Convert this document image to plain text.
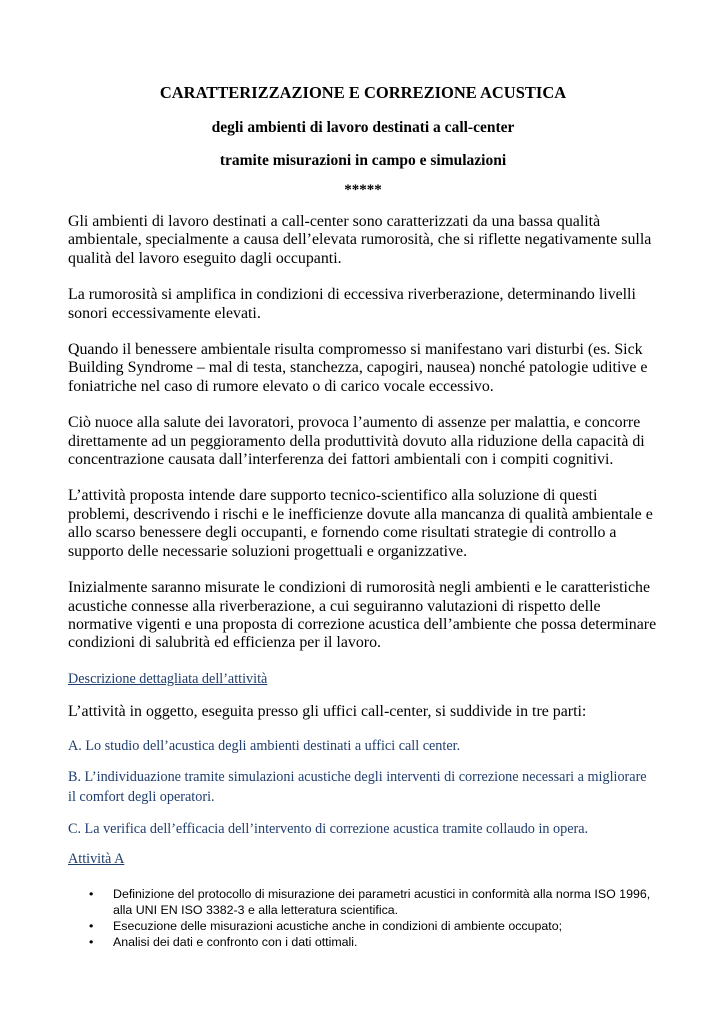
CARATTERIZZAZIONE E CORREZIONE ACUSTICA
degli ambienti di lavoro destinati a call-center
tramite misurazioni in campo e simulazioni
*****

Gli ambienti di lavoro destinati a call-center sono caratterizzati da una bassa qualità ambientale, specialmente a causa dell’elevata rumorosità, che si riflette negativamente sulla qualità del lavoro eseguito dagli occupanti.

La rumorosità si amplifica in condizioni di eccessiva riverberazione, determinando livelli sonori eccessivamente elevati.

Quando il benessere ambientale risulta compromesso si manifestano vari disturbi (es. Sick Building Syndrome – mal di testa, stanchezza, capogiri, nausea) nonché patologie uditive e foniatriche nel caso di rumore elevato o di carico vocale eccessivo.

Ciò nuoce alla salute dei lavoratori, provoca l’aumento di assenze per malattia, e concorre direttamente ad un peggioramento della produttività dovuto alla riduzione della capacità di concentrazione causata dall’interferenza dei fattori ambientali con i compiti cognitivi.

L’attività proposta intende dare supporto tecnico-scientifico alla soluzione di questi problemi, descrivendo i rischi e le inefficienze dovute alla mancanza di qualità ambientale e allo scarso benessere degli occupanti, e fornendo come risultati strategie di controllo a supporto delle necessarie soluzioni progettuali e organizzative.

Inizialmente saranno misurate le condizioni di rumorosità negli ambienti e le caratteristiche acustiche connesse alla riverberazione, a cui seguiranno valutazioni di rispetto delle normative vigenti e una proposta di correzione acustica dell’ambiente che possa determinare condizioni di salubrità ed efficienza per il lavoro.

Descrizione dettagliata dell’attività

L’attività in oggetto, eseguita presso gli uffici call-center, si suddivide in tre parti:

A. Lo studio dell’acustica degli ambienti destinati a uffici call center.

B. L’individuazione tramite simulazioni acustiche degli interventi di correzione necessari a migliorare il comfort degli operatori.

C. La verifica dell’efficacia dell’intervento di correzione acustica tramite collaudo in opera.

Attività A

• Definizione del protocollo di misurazione dei parametri acustici in conformità alla norma ISO 1996, alla UNI EN ISO 3382-3 e alla letteratura scientifica.
• Esecuzione delle misurazioni acustiche anche in condizioni di ambiente occupato;
• Analisi dei dati e confronto con i dati ottimali.
